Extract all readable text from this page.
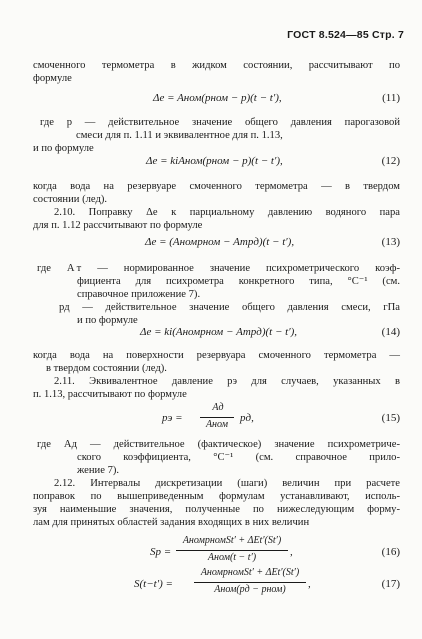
ГОСТ 8.524—85 Стр. 7
смоченного термометра в жидком состоянии, рассчитывают по
формуле
Δe = Aном(pном − p)(t − t′),	(11)
где p — действительное значение общего давления парогазовой
смеси для п. 1.11 и эквивалентное для п. 1.13,
и по формуле
Δe = kiAном(pном − p)(t − t′),	(12)
когда вода на резервуаре смоченного термометра — в твердом
состоянии (лед).
2.10. Поправку Δe к парциальному давлению водяного пара
для п. 1.12 рассчитывают по формуле
Δe = (Aномpном − Aтpд)(t − t′),	(13)
где A т — нормированное значение психрометрического коэф-
фициента для психрометра конкретного типа, °C⁻¹ (см.
справочное приложение 7).
pд — действительное значение общего давления смеси, гПа
и по формуле
Δe = ki(Aномpном − Aтpд)(t − t′),	(14)
когда вода на поверхности резервуара смоченного термометра —
в твердом состоянии (лед).
2.11. Эквивалентное давление pэ для случаев, указанных в
п. 1.13, рассчитывают по формуле
pэ =
Aд
Aном
pд,	(15)
где Aд — действительное (фактическое) значение психрометриче-
ского коэффициента, °C⁻¹ (см. справочное прило-
жение 7).
2.12. Интервалы дискретизации (шаги) величин при расчете
поправок по вышеприведенным формулам устанавливают, исполь-
зуя наименьшие значения, полученные по нижеследующим форму-
лам для принятых областей задания входящих в них величин
Sp =
AномpномSt′ + ΔEt′(St′)
Aном(t − t′)	,	(16)
S(t−t′) =
AномpномSt′ + ΔEt′(St′)
Aном(pд − pном)	,	(17)
